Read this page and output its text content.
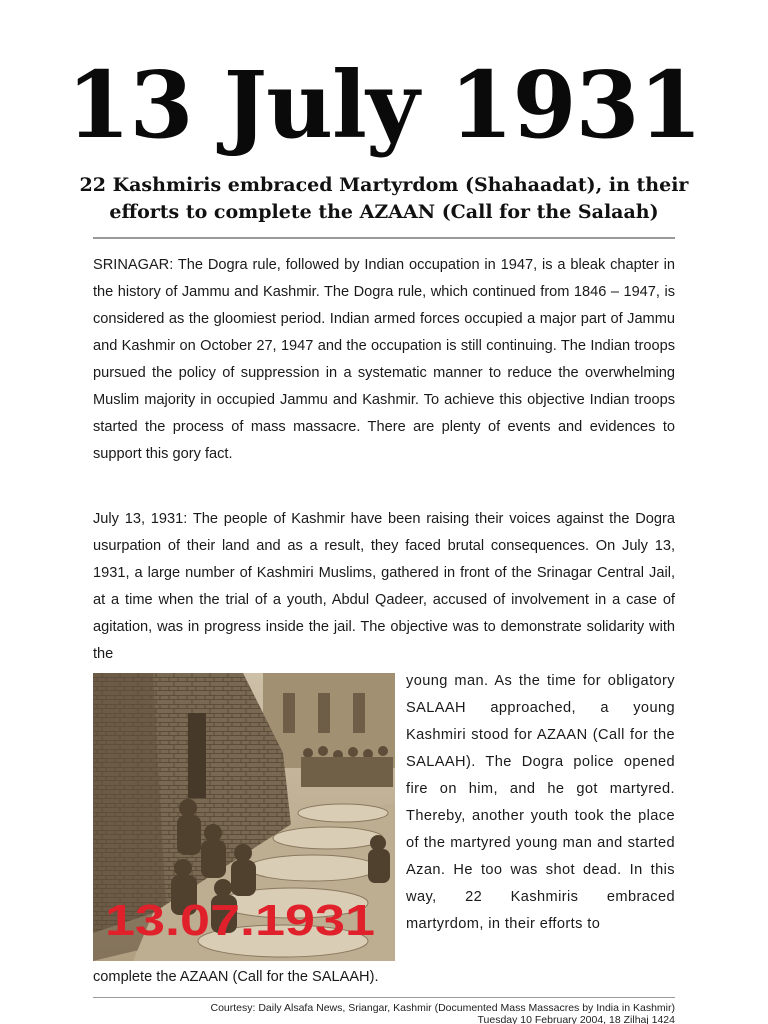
13 July 1931
22 Kashmiris embraced Martyrdom (Shahaadat), in their efforts to complete the AZAAN (Call for the Salaah)

SRINAGAR: The Dogra rule, followed by Indian occupation in 1947, is a bleak chapter in the history of Jammu and Kashmir. The Dogra rule, which continued from 1846 – 1947, is considered as the gloomiest period. Indian armed forces occupied a major part of Jammu and Kashmir on October 27, 1947 and the occupation is still continuing. The Indian troops pursued the policy of suppression in a systematic manner to reduce the overwhelming Muslim majority in occupied Jammu and Kashmir. To achieve this objective Indian troops started the process of mass massacre. There are plenty of events and evidences to support this gory fact.

July 13, 1931: The people of Kashmir have been raising their voices against the Dogra usurpation of their land and as a result, they faced brutal consequences. On July 13, 1931, a large number of Kashmiri Muslims, gathered in front of the Srinagar Central Jail, at a time when the trial of a youth, Abdul Qadeer, accused of involvement in a case of agitation, was in progress inside the jail. The objective was to demonstrate solidarity with the

13.07.1931

young man. As the time for obligatory SALAAH approached, a young Kashmiri stood for AZAAN (Call for the SALAAH). The Dogra police opened fire on him, and he got martyred. Thereby, another youth took the place of the martyred young man and started Azan. He too was shot dead. In this way, 22 Kashmiris embraced martyrdom, in their efforts to

complete the AZAAN (Call for the SALAAH).

Courtesy: Daily Alsafa News, Sriangar, Kashmir (Documented Mass Massacres by India in Kashmir)
Tuesday 10 February 2004, 18 Zilhaj 1424
